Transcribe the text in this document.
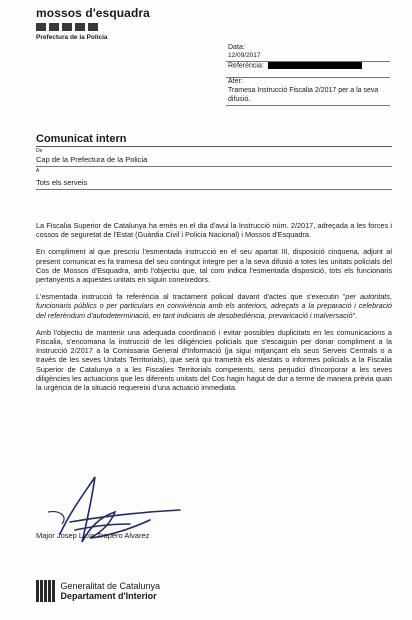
mossos d'esquadra
Prefectura de la Policia
Data:
12/09/2017
Referència:
Afer:
Tramesa Instrucció Fiscalia 2/2017 per a la seva difusió.
Comunicat intern
De
Cap de la Prefectura de la Policia
A
Tots els serveis

La Fiscalia Superior de Catalunya ha emès en el dia d'avui la Instrucció núm. 2/2017, adreçada a les forces i cossos de seguretat de l'Estat (Guàrdia Civil i Policia Nacional) i Mossos d'Esquadra.

En compliment al que prescriu l'esmentada instrucció en el seu apartat III, disposició cinquena, adjunt al present comunicat es fa tramesa del seu contingut íntegre per a la seva difusió a totes les unitats policials del Cos de Mossos d'Esquadra, amb l'objectiu que, tal com indica l'esmentada disposició, tots els funcionaris pertanyents a aquestes unitats en siguin coneixedors.

L'esmentada instrucció fa referència al tractament policial davant d'actes que s'executin "per autoritats, funcionaris públics o per particulars en connivència amb els anteriors, adreçats a la preparació i celebració del referèndum d'autodeterminació, en tant indiciaris de desobediència, prevaricació i malversació".

Amb l'objectiu de mantenir una adequada coordinació i evitar possibles duplicitats en les comunicacions a Fiscalia, s'encomana la instrucció de les diligències policials que s'escaiguin per donar compliment a la Instrucció 2/2017 a la Comissaria General d'Informació (ja sigui mitjançant els seus Serveis Centrals o a través de les seves Unitats Territorials), que serà qui trametrà els atestats o informes policials a la Fiscalia Superior de Catalunya o a les Fiscalies Territorials competents, sens perjudici d'incorporar a les seves diligències les actuacions que les diferents unitats del Cos hagin hagut de dur a terme de manera prèvia quan la urgència de la situació requereixi d'una actuació immediata.

Major Josep Lluís Trapero Alvarez
Generalitat de Catalunya
Departament d'Interior
